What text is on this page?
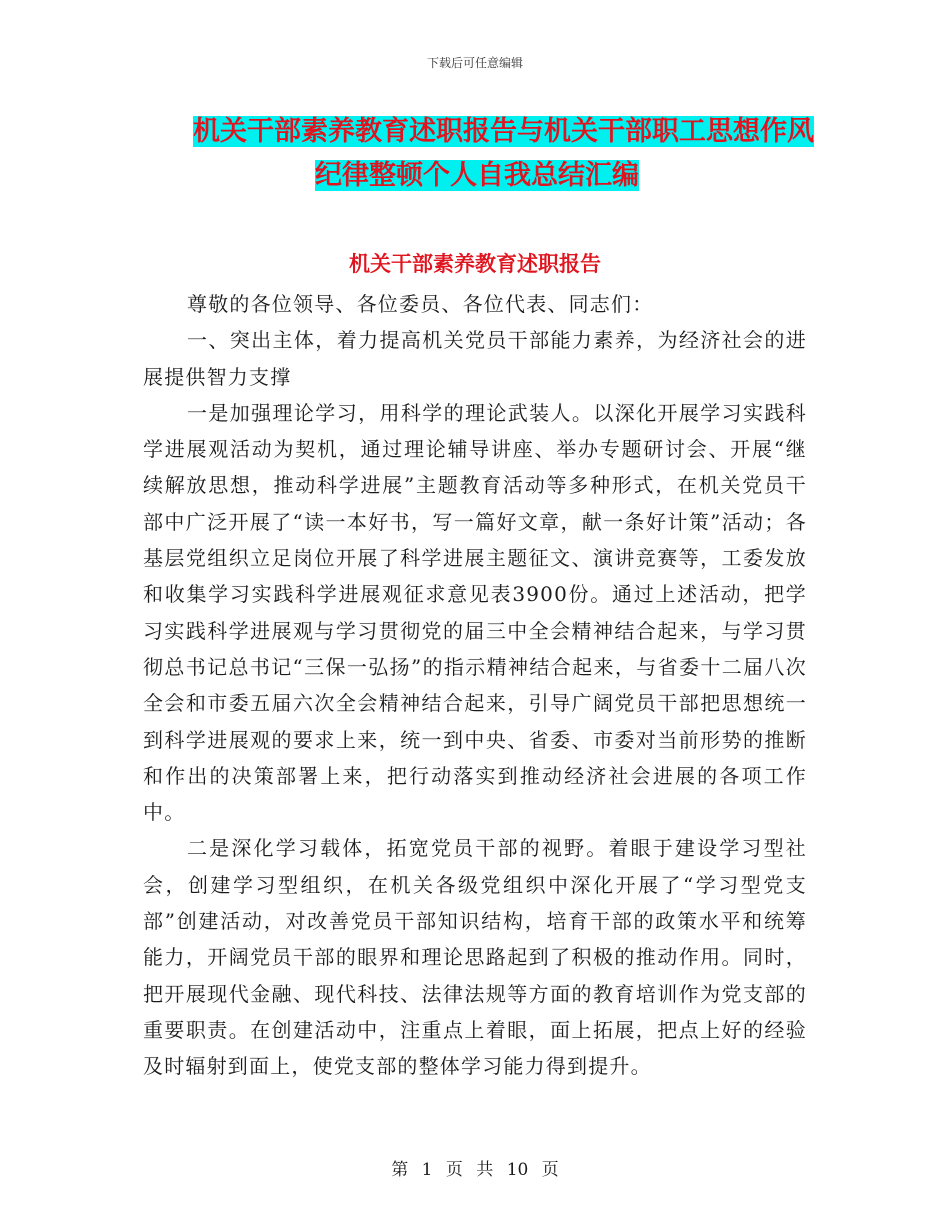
下载后可任意编辑
机关干部素养教育述职报告与机关干部职工思想作风
纪律整顿个人自我总结汇编
机关干部素养教育述职报告

尊敬的各位领导、各位委员、各位代表、同志们：

一、突出主体，着力提高机关党员干部能力素养，为经济社会的进展提供智力支撑

一是加强理论学习，用科学的理论武装人。以深化开展学习实践科学进展观活动为契机，通过理论辅导讲座、举办专题研讨会、开展“继续解放思想，推动科学进展”主题教育活动等多种形式，在机关党员干部中广泛开展了“读一本好书，写一篇好文章，献一条好计策”活动；各基层党组织立足岗位开展了科学进展主题征文、演讲竞赛等，工委发放和收集学习实践科学进展观征求意见表3900份。通过上述活动，把学习实践科学进展观与学习贯彻党的届三中全会精神结合起来，与学习贯彻总书记总书记“三保一弘扬”的指示精神结合起来，与省委十二届八次全会和市委五届六次全会精神结合起来，引导广阔党员干部把思想统一到科学进展观的要求上来，统一到中央、省委、市委对当前形势的推断和作出的决策部署上来，把行动落实到推动经济社会进展的各项工作中。

二是深化学习载体，拓宽党员干部的视野。着眼于建设学习型社会，创建学习型组织，在机关各级党组织中深化开展了“学习型党支部”创建活动，对改善党员干部知识结构，培育干部的政策水平和统筹能力，开阔党员干部的眼界和理论思路起到了积极的推动作用。同时，把开展现代金融、现代科技、法律法规等方面的教育培训作为党支部的重要职责。在创建活动中，注重点上着眼，面上拓展，把点上好的经验及时辐射到面上，使党支部的整体学习能力得到提升。

第 1 页 共 10 页
